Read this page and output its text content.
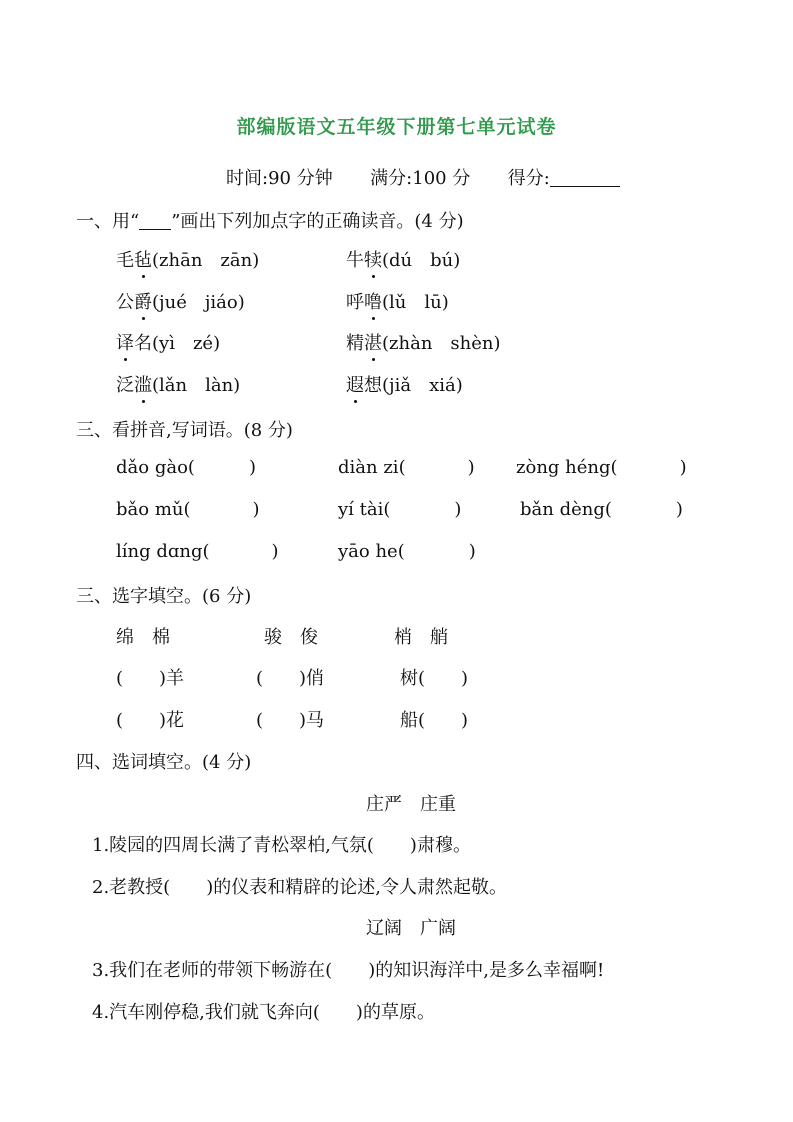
部编版语文五年级下册第七单元试卷
时间:90 分钟 满分:100 分 得分:
一、用“ ”画出下列加点字的正确读音。(4 分)
毛毡(zhān　zān)	牛犊(dú　bú)
公爵(jué　jiáo)	呼噜(lǔ　lū)
译名(yì　zé)	精湛(zhàn　shèn)
泛滥(lǎn　làn)	遐想(jiǎ　xiá)
三、看拼音,写词语。(8 分)
dǎo gào(	)	diàn zi(	) zòng héng(	)
bǎo mǔ(	)	yí tài(	)	bǎn dèng(	)
líng dɑng(	)	yāo he(	)
三、选字填空。(6 分)
绵　棉	骏　俊	梢　艄
(　　)羊	(　　)俏	树(　　)
(　　)花	(　　)马	船(　　)
四、选词填空。(4 分)
庄严　庄重
1.陵园的四周长满了青松翠柏,气氛(　　)肃穆。
2.老教授(　　)的仪表和精辟的论述,令人肃然起敬。
辽阔　广阔
3.我们在老师的带领下畅游在(　　)的知识海洋中,是多么幸福啊!
4.汽车刚停稳,我们就飞奔向(　　)的草原。
